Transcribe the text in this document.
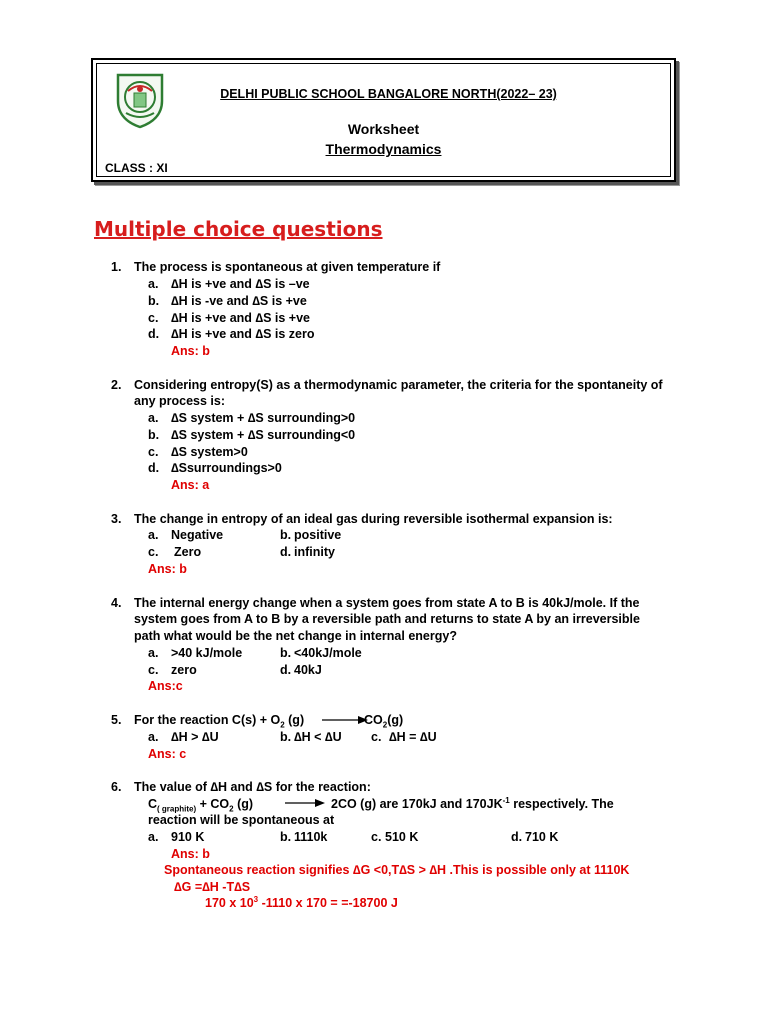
DELHI PUBLIC SCHOOL BANGALORE NORTH(2022– 23)
Worksheet
Thermodynamics
CLASS : XI
Multiple choice questions
1. The process is spontaneous at given temperature if
a. ∆H is +ve and ∆S is –ve
b. ∆H is -ve and ∆S is +ve
c. ∆H is +ve and ∆S is +ve
d. ∆H is +ve and ∆S is zero
Ans: b
2. Considering entropy(S) as a thermodynamic parameter, the criteria for the spontaneity of
any process is:
a. ∆S system + ∆S surrounding>0
b. ∆S system + ∆S surrounding<0
c. ∆S system>0
d. ∆Ssurroundings>0
Ans: a
3. The change in entropy of an ideal gas during reversible isothermal expansion is:
a. Negative	b. positive
c. Zero	d. infinity
Ans: b
4. The internal energy change when a system goes from state A to B is 40kJ/mole. If the
system goes from A to B by a reversible path and returns to state A by an irreversible
path what would be the net change in internal energy?
a. >40 kJ/mole	b. <40kJ/mole
c. zero	d. 40kJ
Ans:c
5. For the reaction $C(s) + O_2$ (g) →
$CO_2(g)$
a. ∆H > ∆U	b. ∆H < ∆U c. ∆H = ∆U
Ans: c
6. The value of ∆H and ∆S for the reaction:
$C_{( graphite)} + CO_2$ (g) → 2CO (g) are 170kJ and $170JK^{-1}$ respectively. The
reaction will be spontaneous at
a. 910 K	b. 1110k	c. 510 K	d. 710 K
Ans: b
Spontaneous reaction signifies ∆G <0,T∆S > ∆H .This is possible only at 1110K
∆G =∆H -T∆S
170 x $10^3$ -1110 x 170 = =-18700 J
